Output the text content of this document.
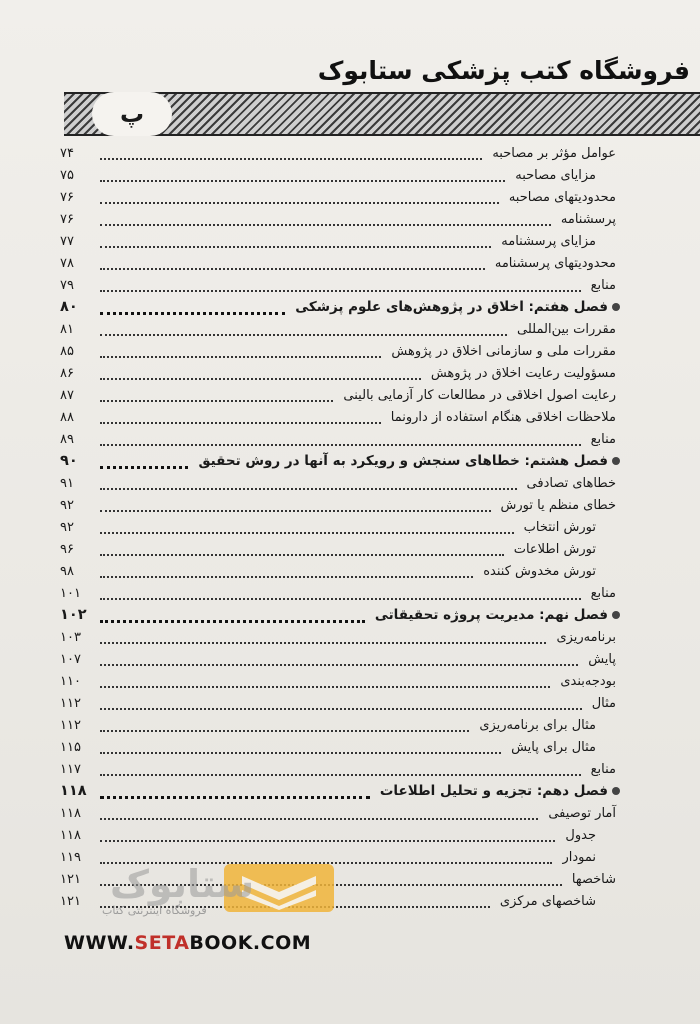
فروشگاه کتب پزشکی ستابوک
پ
عوامل مؤثر بر مصاحبه
۷۴
مزایای مصاحبه
۷۵
محدودیتهای مصاحبه
۷۶
پرسشنامه
۷۶
مزایای پرسشنامه
۷۷
محدودیتهای پرسشنامه
۷۸
منابع
۷۹
فصل هفتم: اخلاق در پژوهش‌های علوم پزشکی
۸۰
مقررات بین‌المللی
۸۱
مقررات ملی و سازمانی اخلاق در پژوهش
۸۵
مسؤولیت رعایت اخلاق در پژوهش
۸۶
رعایت اصول اخلاقی در مطالعات کار آزمایی بالینی
۸۷
ملاحظات اخلاقی هنگام استفاده از دارونما
۸۸
منابع
۸۹
فصل هشتم: خطاهای سنجش و رویکرد به آنها در روش تحقیق
۹۰
خطاهای تصادفی
۹۱
خطای منظم یا تورش
۹۲
تورش انتخاب
۹۲
تورش اطلاعات
۹۶
تورش مخدوش کننده
۹۸
منابع
۱۰۱
فصل نهم: مدیریت پروژه تحقیقاتی
۱۰۲
برنامه‌ریزی
۱۰۳
پایش
۱۰۷
بودجه‌بندی
۱۱۰
مثال
۱۱۲
مثال برای برنامه‌ریزی
۱۱۲
مثال برای پایش
۱۱۵
منابع
۱۱۷
فصل دهم: تجزیه و تحلیل اطلاعات
۱۱۸
آمار توصیفی
۱۱۸
جدول
۱۱۸
نمودار
۱۱۹
شاخصها
۱۲۱
شاخصهای مرکزی
۱۲۱ ستابوک
فروشگاه اینترنتی کتاب
WWW.SETABOOK.COM
